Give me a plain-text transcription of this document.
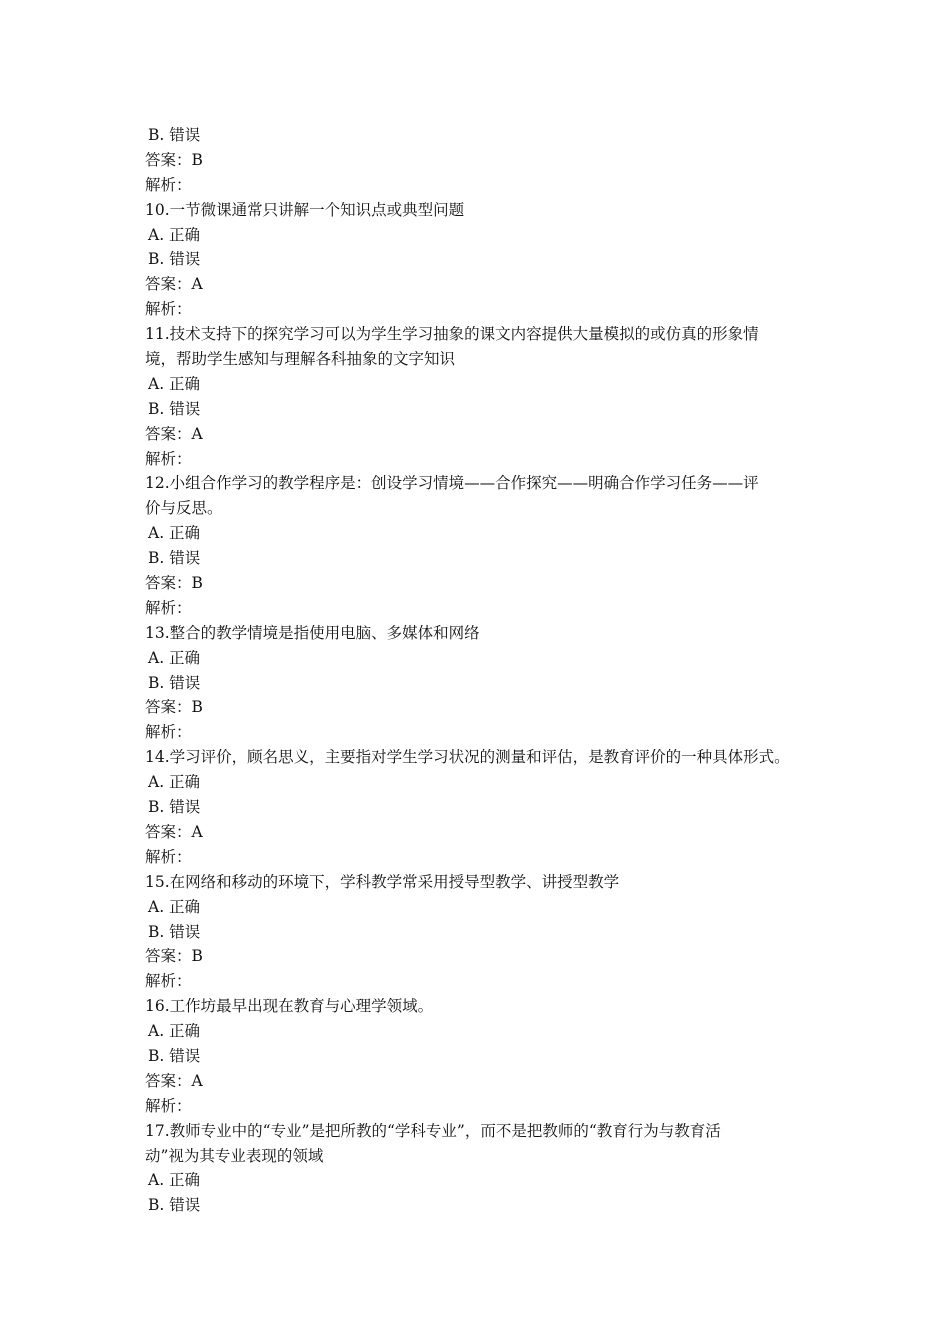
B. 错误
答案：B
解析：
10.一节微课通常只讲解一个知识点或典型问题
A. 正确
B. 错误
答案：A
解析：
11.技术支持下的探究学习可以为学生学习抽象的课文内容提供大量模拟的或仿真的形象情
境，帮助学生感知与理解各科抽象的文字知识
A. 正确
B. 错误
答案：A
解析：
12.小组合作学习的教学程序是：创设学习情境——合作探究——明确合作学习任务——评
价与反思。
A. 正确
B. 错误
答案：B
解析：
13.整合的教学情境是指使用电脑、多媒体和网络
A. 正确
B. 错误
答案：B
解析：
14.学习评价，顾名思义，主要指对学生学习状况的测量和评估，是教育评价的一种具体形式。
A. 正确
B. 错误
答案：A
解析：
15.在网络和移动的环境下，学科教学常采用授导型教学、讲授型教学
A. 正确
B. 错误
答案：B
解析：
16.工作坊最早出现在教育与心理学领域。
A. 正确
B. 错误
答案：A
解析：
17.教师专业中的“专业”是把所教的“学科专业”，而不是把教师的“教育行为与教育活
动”视为其专业表现的领域
A. 正确
B. 错误
